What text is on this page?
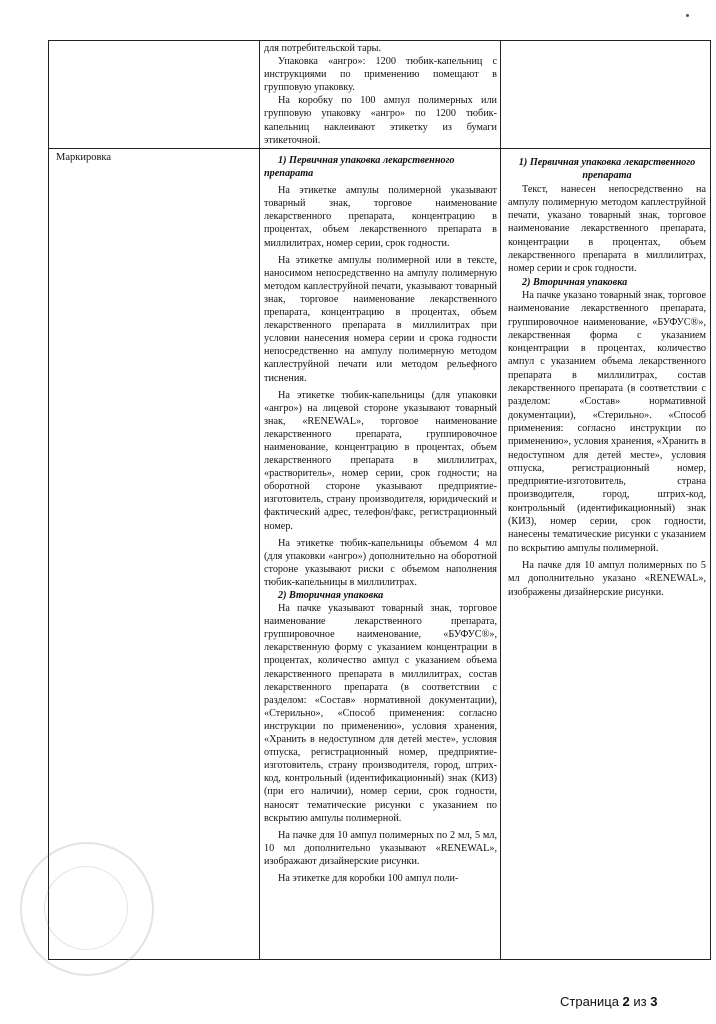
для потребительской тары.

Упаковка «ангро»: 1200 тюбик-капельниц с инструкциями по применению помещают в групповую упаковку.

На коробку по 100 ампул полимерных или групповую упаковку «ангро» по 1200 тюбик-капельниц наклеивают этикетку из бумаги этикеточной.

Маркировка	1) Первичная упаковка лекарственного препарата

На этикетке ампулы полимерной указывают товарный знак, торговое наименование лекарственного препарата, концентрацию в процентах, объем лекарственного препарата в миллилитрах, номер серии, срок годности.

На этикетке ампулы полимерной или в тексте, наносимом непосредственно на ампулу полимерную методом каплеструйной печати, указывают товарный знак, торговое наименование лекарственного препарата, концентрацию в процентах, объем лекарственного препарата в миллилитрах при условии нанесения номера серии и срока годности непосредственно на ампулу полимерную методом каплеструйной печати или методом рельефного тиснения.

На этикетке тюбик-капельницы (для упаковки «ангро») на лицевой стороне указывают товарный знак, «RENEWAL», торговое наименование лекарственного препарата, группировочное наименование, концентрацию в процентах, объем лекарственного препарата в миллилитрах, «растворитель», номер серии, срок годности; на оборотной стороне указывают предприятие-изготовитель, страну производителя, юридический и фактический адрес, телефон/факс, регистрационный номер.

На этикетке тюбик-капельницы объемом 4 мл (для упаковки «ангро») дополнительно на оборотной стороне указывают риски с объемом наполнения тюбик-капельницы в миллилитрах.

2) Вторичная упаковка

На пачке указывают товарный знак, торговое наименование лекарственного препарата, группировочное наименование, «БУФУС®», лекарственную форму с указанием концентрации в процентах, количество ампул с указанием объема лекарственного препарата в миллилитрах, состав лекарственного препарата (в соответствии с разделом: «Состав» нормативной документации), «Стерильно», «Способ применения: согласно инструкции по применению», условия хранения, «Хранить в недоступном для детей месте», условия отпуска, регистрационный номер, предприятие-изготовитель, страну производителя, город, штрих-код, контрольный (идентификационный) знак (КИЗ) (при его наличии), номер серии, срок годности, наносят тематические рисунки с указанием по вскрытию ампулы полимерной.

На пачке для 10 ампул полимерных по 2 мл, 5 мл, 10 мл дополнительно указывают «RENEWAL», изображают дизайнерские рисунки.

На этикетке для коробки 100 ампул поли-

1) Первичная упаковка лекарственного препарата

Текст, нанесен непосредственно на ампулу полимерную методом каплеструйной печати, указано товарный знак, торговое наименование лекарственного препарата, концентрации в процентах, объем лекарственного препарата в миллилитрах, номер серии и срок годности.

2) Вторичная упаковка

На пачке указано товарный знак, торговое наименование лекарственного препарата, группировочное наименование, «БУФУС®», лекарственная форма с указанием концентрации в процентах, количество ампул с указанием объема лекарственного препарата в миллилитрах, состав лекарственного препарата (в соответствии с разделом: «Состав» нормативной документации), «Стерильно». «Способ применения: согласно инструкции по применению», условия хранения, «Хранить в недоступном для детей месте», условия отпуска, регистрационный номер, предприятие-изготовитель, страна производителя, город, штрих-код, контрольный (идентификационный) знак (КИЗ), номер серии, срок годности, нанесены тематические рисунки с указанием по вскрытию ампулы полимерной.

На пачке для 10 ампул полимерных по 5 мл дополнительно указано «RENEWAL», изображены дизайнерские рисунки.

Страница 2 из 3
